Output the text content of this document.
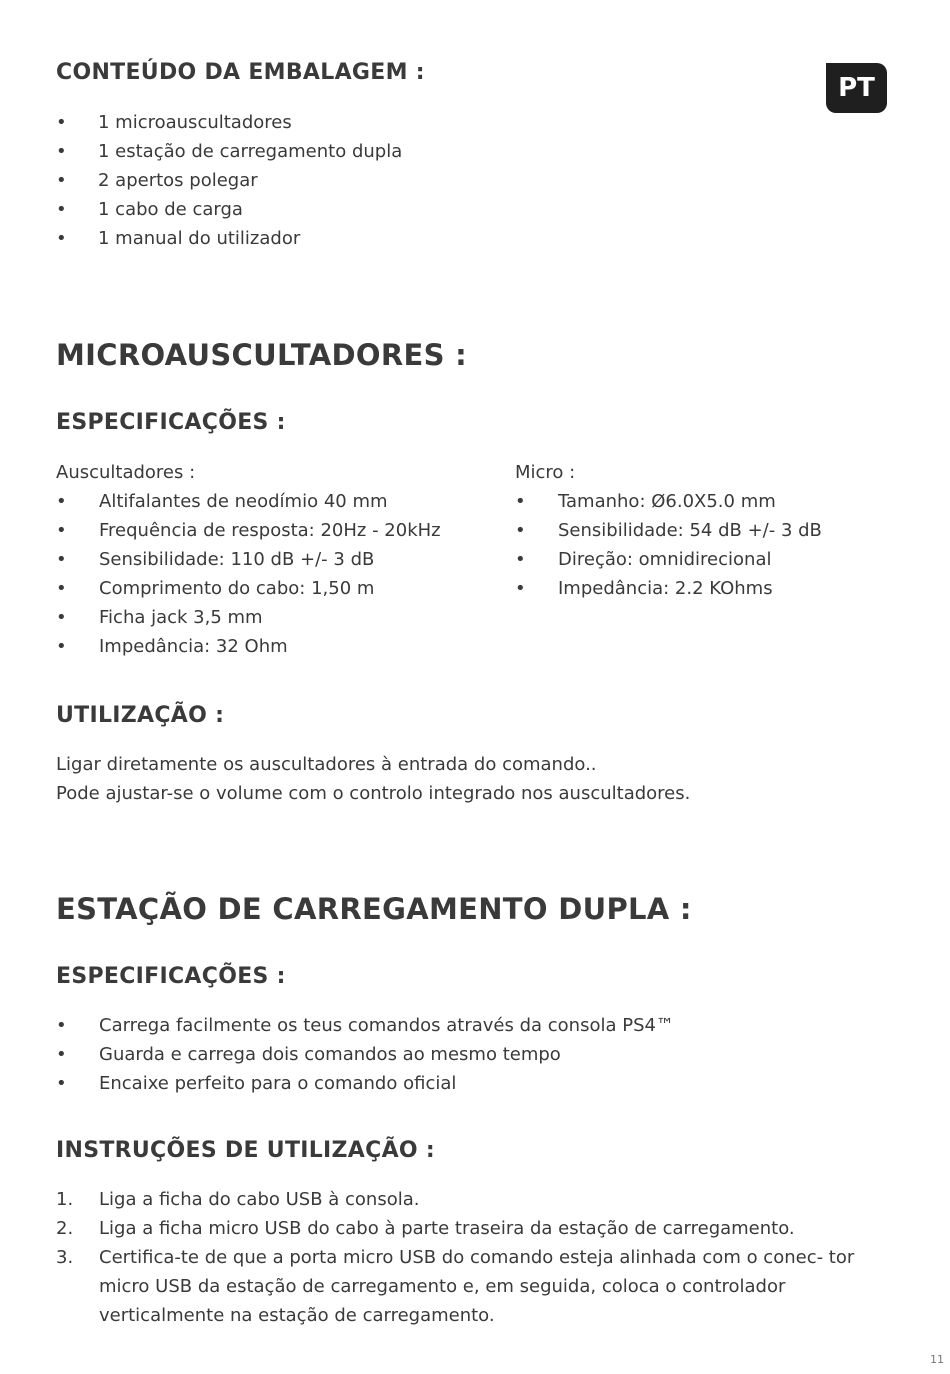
PT
CONTEÚDO DA EMBALAGEM :
•	1 microauscultadores
•	1 estação de carregamento dupla
•	2 apertos polegar
•	1 cabo de carga
•	1 manual do utilizador
MICROAUSCULTADORES :
ESPECIFICAÇÕES :

Auscultadores :

•	Altifalantes de neodímio 40 mm
•	Frequência de resposta: 20Hz - 20kHz
•	Sensibilidade: 110 dB +/- 3 dB
•	Comprimento do cabo: 1,50 m
•	Ficha jack 3,5 mm
•	Impedância: 32 Ohm

Micro :

•	Tamanho: Ø6.0X5.0 mm
•	Sensibilidade: 54 dB +/- 3 dB
•	Direção: omnidirecional
•	Impedância: 2.2 KOhms
UTILIZAÇÃO :

Ligar diretamente os auscultadores à entrada do comando..

Pode ajustar-se o volume com o controlo integrado nos auscultadores.

ESTAÇÃO DE CARREGAMENTO DUPLA :
ESPECIFICAÇÕES :
•	Carrega facilmente os teus comandos através da consola PS4™
•	Guarda e carrega dois comandos ao mesmo tempo
•	Encaixe perfeito para o comando oficial
INSTRUÇÕES DE UTILIZAÇÃO :
1.	Liga a ficha do cabo USB à consola.
2.	Liga a ficha micro USB do cabo à parte traseira da estação de carregamento.
3.	Certifica-te de que a porta micro USB do comando esteja alinhada com o conec- tor micro USB da estação de carregamento e, em seguida, coloca o controlador verticalmente na estação de carregamento.
11
